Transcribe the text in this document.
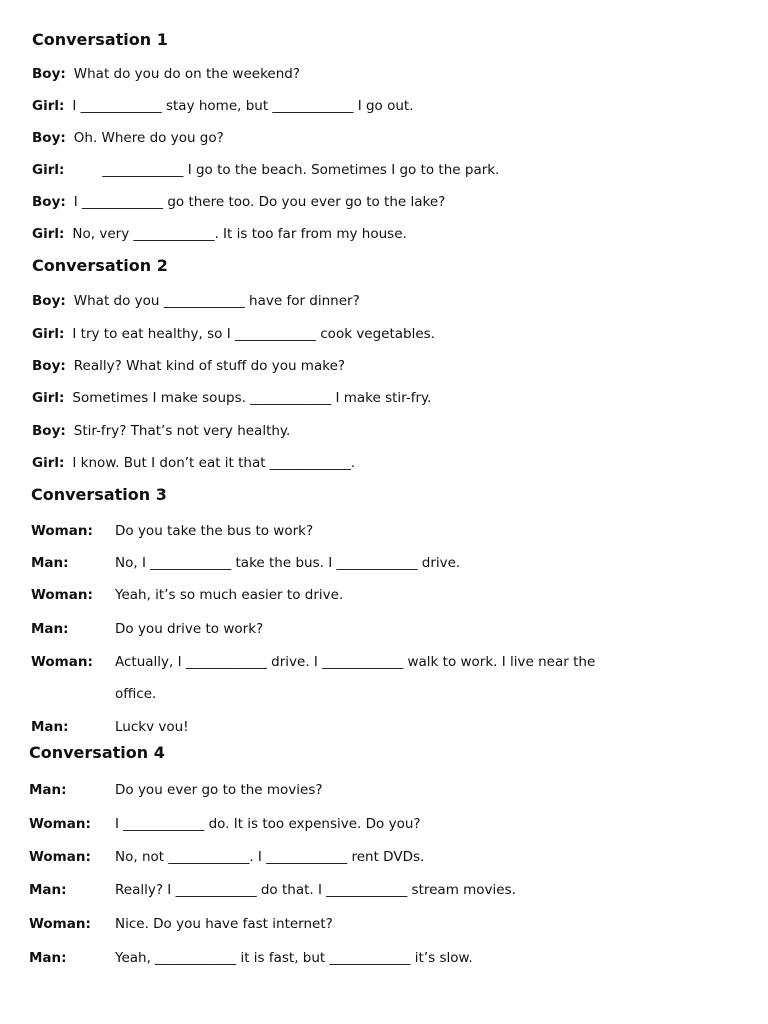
Conversation 1
Boy: What do you do on the weekend?
Girl: I ____________ stay home, but ____________ I go out.
Boy: Oh. Where do you go?
Girl:	____________ I go to the beach. Sometimes I go to the park.
Boy: I ____________ go there too. Do you ever go to the lake?
Girl: No, very ____________. It is too far from my house.
Conversation 2
Boy: What do you ____________ have for dinner?
Girl: I try to eat healthy, so I ____________ cook vegetables.
Boy: Really? What kind of stuff do you make?
Girl: Sometimes I make soups. ____________ I make stir-fry.
Boy: Stir-fry? That’s not very healthy.
Girl: I know. But I don’t eat it that ____________.
Conversation 3
Woman: Do you take the bus to work?
Man:	No, I ____________ take the bus. I ____________ drive.
Woman: Yeah, it’s so much easier to drive.
Man:	Do you drive to work?
Woman: Actually, I ____________ drive. I ____________ walk to work. I live near the
office.
Man:	Luckv vou!
Conversation 4
Man:	Do you ever go to the movies?
Woman: I ____________ do. It is too expensive. Do you?
Woman: No, not ____________. I ____________ rent DVDs.
Man:	Really? I ____________ do that. I ____________ stream movies.
Woman: Nice. Do you have fast internet?
Man:	Yeah, ____________ it is fast, but ____________ it’s slow.
